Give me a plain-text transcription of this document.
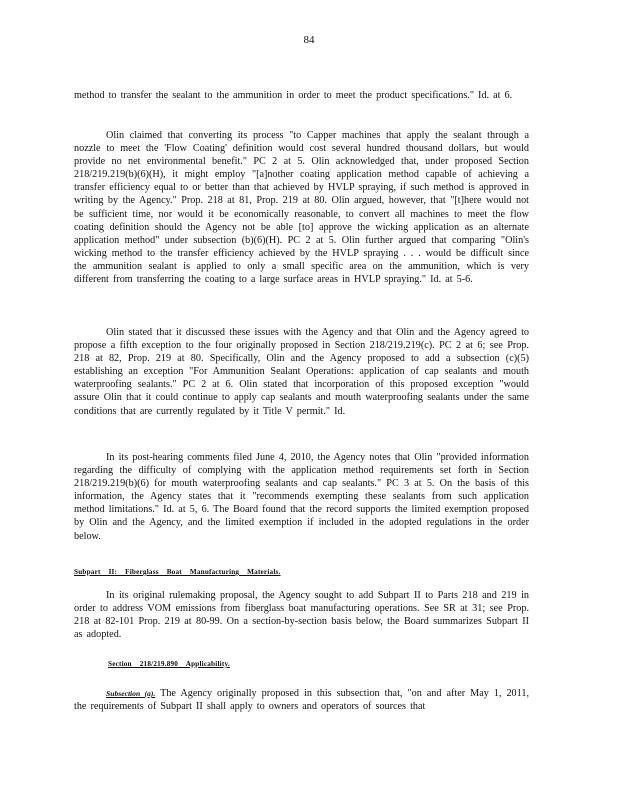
84
method to transfer the sealant to the ammunition in order to meet the product specifications." Id. at 6.
Olin claimed that converting its process "to Capper machines that apply the sealant through a nozzle to meet the 'Flow Coating' definition would cost several hundred thousand dollars, but would provide no net environmental benefit." PC 2 at 5. Olin acknowledged that, under proposed Section 218/219.219(b)(6)(H), it might employ "[a]nother coating application method capable of achieving a transfer efficiency equal to or better than that achieved by HVLP spraying, if such method is approved in writing by the Agency." Prop. 218 at 81, Prop. 219 at 80. Olin argued, however, that "[t]here would not be sufficient time, nor would it be economically reasonable, to convert all machines to meet the flow coating definition should the Agency not be able [to] approve the wicking application as an alternate application method" under subsection (b)(6)(H). PC 2 at 5. Olin further argued that comparing "Olin's wicking method to the transfer efficiency achieved by the HVLP spraying . . . would be difficult since the ammunition sealant is applied to only a small specific area on the ammunition, which is very different from transferring the coating to a large surface areas in HVLP spraying." Id. at 5-6.
Olin stated that it discussed these issues with the Agency and that Olin and the Agency agreed to propose a fifth exception to the four originally proposed in Section 218/219.219(c). PC 2 at 6; see Prop. 218 at 82, Prop. 219 at 80. Specifically, Olin and the Agency proposed to add a subsection (c)(5) establishing an exception "For Ammunition Sealant Operations: application of cap sealants and mouth waterproofing sealants." PC 2 at 6. Olin stated that incorporation of this proposed exception "would assure Olin that it could continue to apply cap sealants and mouth waterproofing sealants under the same conditions that are currently regulated by it Title V permit." Id.
In its post-hearing comments filed June 4, 2010, the Agency notes that Olin "provided information regarding the difficulty of complying with the application method requirements set forth in Section 218/219.219(b)(6) for mouth waterproofing sealants and cap sealants." PC 3 at 5. On the basis of this information, the Agency states that it "recommends exempting these sealants from such application method limitations." Id. at 5, 6. The Board found that the record supports the limited exemption proposed by Olin and the Agency, and the limited exemption if included in the adopted regulations in the order below.
Subpart II: Fiberglass Boat Manufacturing Materials.
In its original rulemaking proposal, the Agency sought to add Subpart II to Parts 218 and 219 in order to address VOM emissions from fiberglass boat manufacturing operations. See SR at 31; see Prop. 218 at 82-101 Prop. 219 at 80-99. On a section-by-section basis below, the Board summarizes Subpart II as adopted.
Section 218/219.890 Applicability.
Subsection (a). The Agency originally proposed in this subsection that, "on and after May 1, 2011, the requirements of Subpart II shall apply to owners and operators of sources that
